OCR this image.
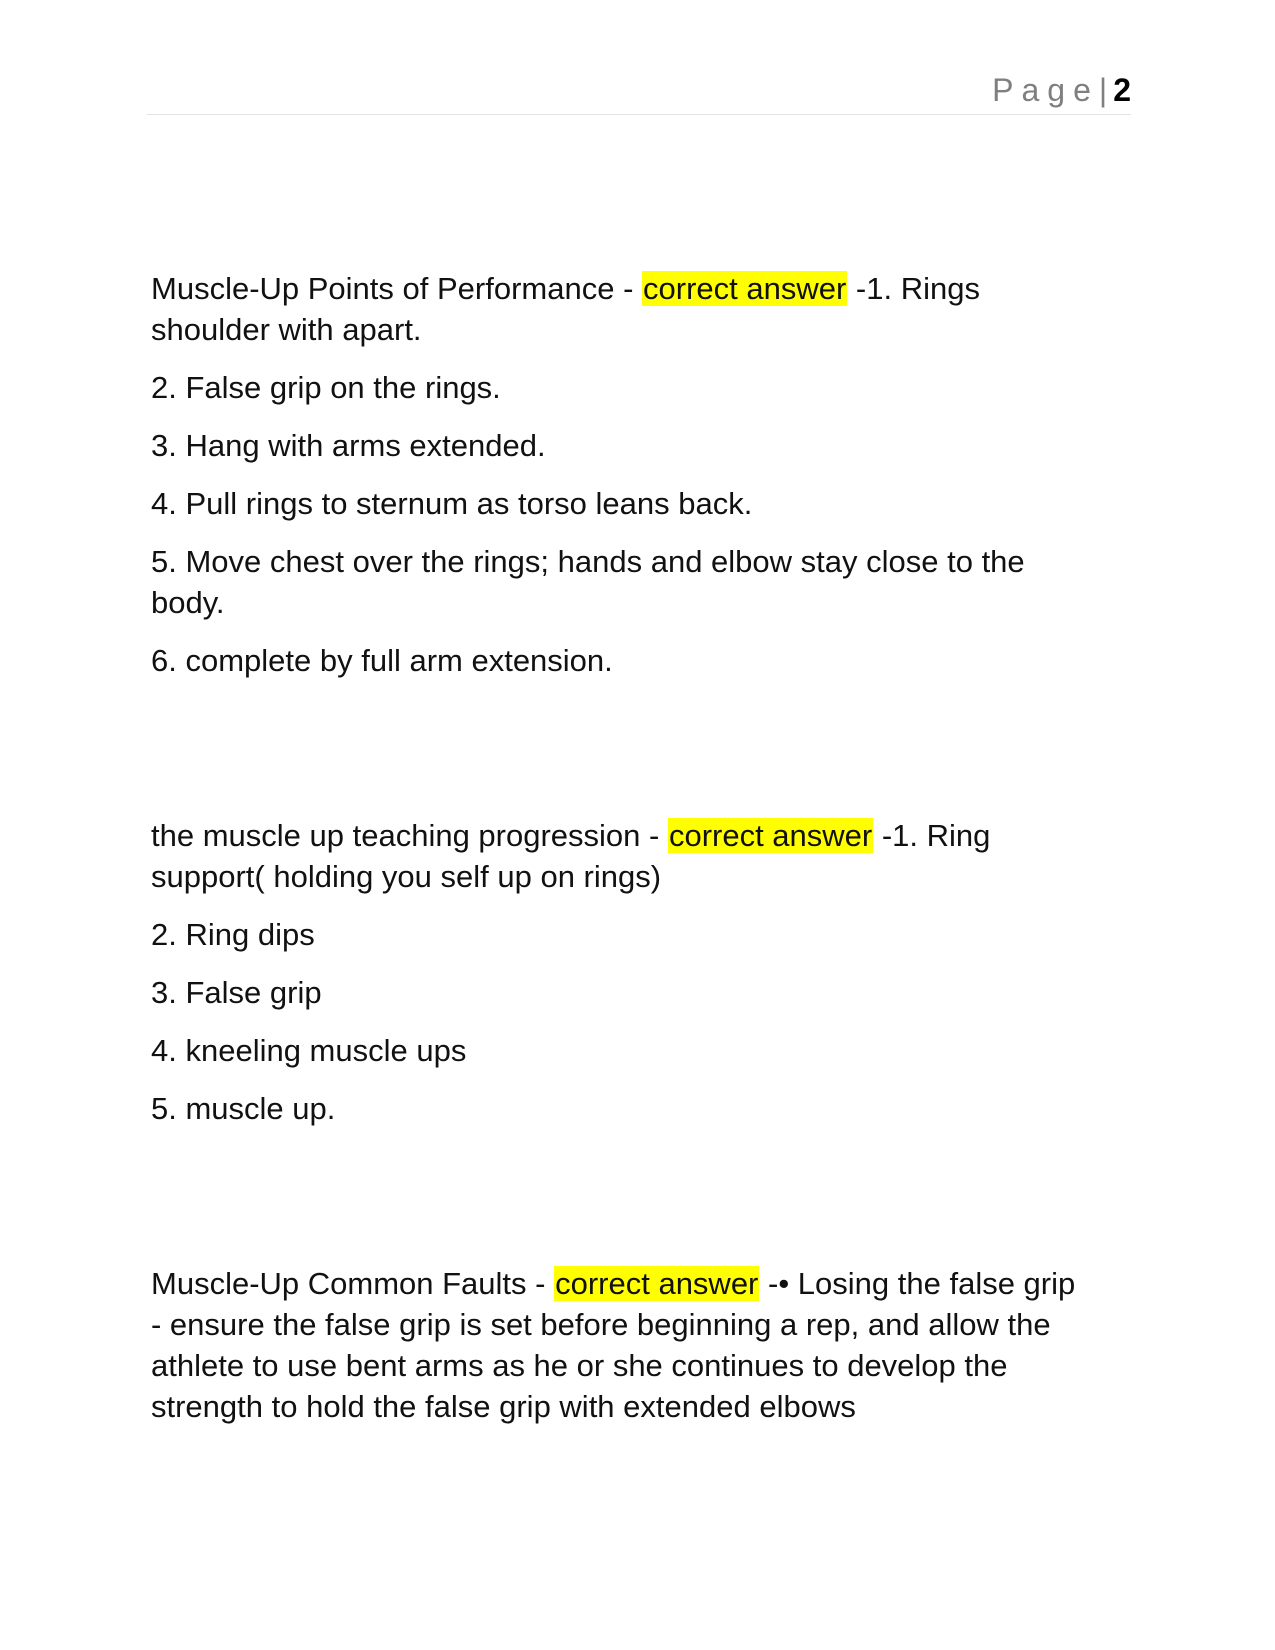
Page| 2

Muscle-Up Points of Performance - correct answer -1. Rings shoulder with apart.

2. False grip on the rings.

3. Hang with arms extended.

4. Pull rings to sternum as torso leans back.

5. Move chest over the rings; hands and elbow stay close to the body.

6. complete by full arm extension.

the muscle up teaching progression - correct answer -1. Ring support( holding you self up on rings)

2. Ring dips

3. False grip

4. kneeling muscle ups

5. muscle up.

Muscle-Up Common Faults - correct answer -• Losing the false grip - ensure the false grip is set before beginning a rep, and allow the athlete to use bent arms as he or she continues to develop the strength to hold the false grip with extended elbows
